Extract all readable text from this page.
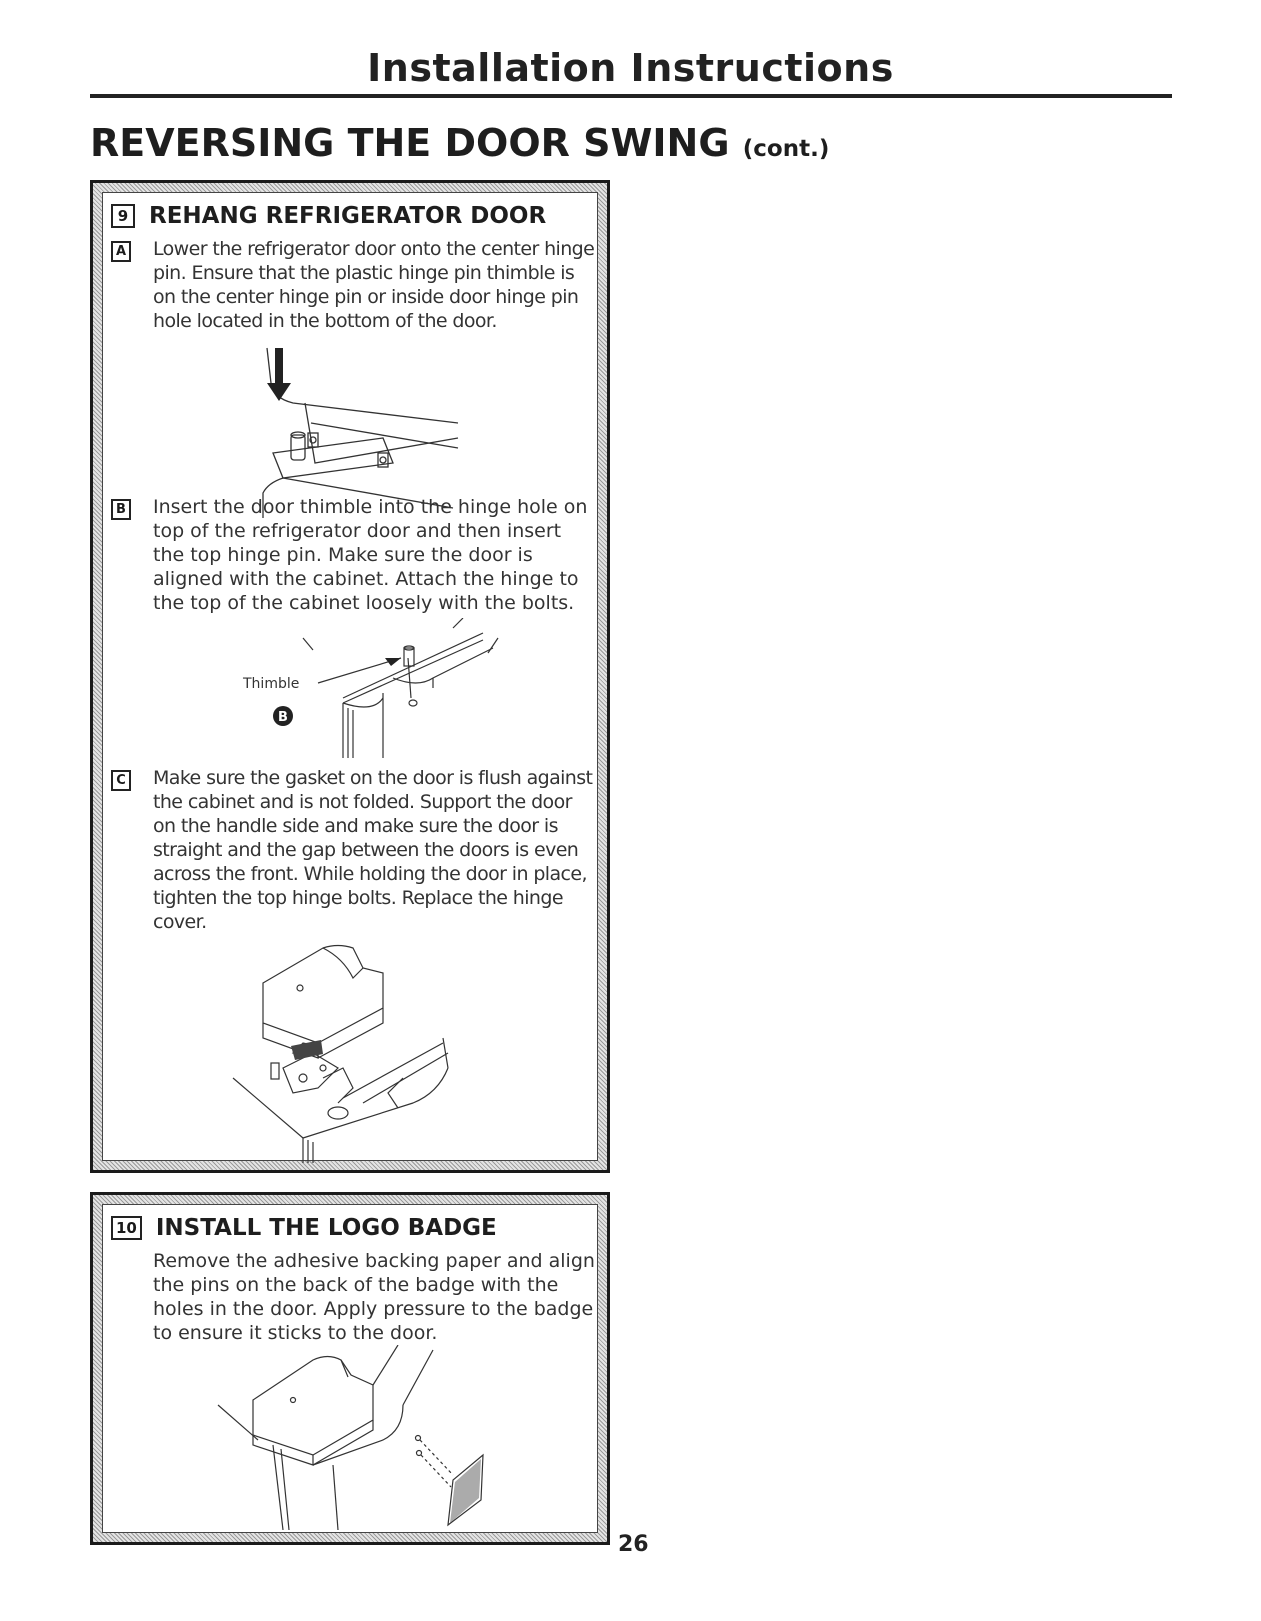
Installation Instructions
REVERSING THE DOOR SWING (cont.)
9 REHANG REFRIGERATOR DOOR
A Lower the refrigerator door onto the center hinge pin. Ensure that the plastic hinge pin thimble is on the center hinge pin or inside door hinge pin hole located in the bottom of the door.
B Insert the door thimble into the hinge hole on top of the refrigerator door and then insert the top hinge pin. Make sure the door is aligned with the cabinet. Attach the hinge to the top of the cabinet loosely with the bolts.
Thimble
B
C Make sure the gasket on the door is flush against the cabinet and is not folded. Support the door on the handle side and make sure the door is straight and the gap between the doors is even across the front. While holding the door in place, tighten the top hinge bolts. Replace the hinge cover.
10 INSTALL THE LOGO BADGE
Remove the adhesive backing paper and align the pins on the back of the badge with the holes in the door. Apply pressure to the badge to ensure it sticks to the door.
26
